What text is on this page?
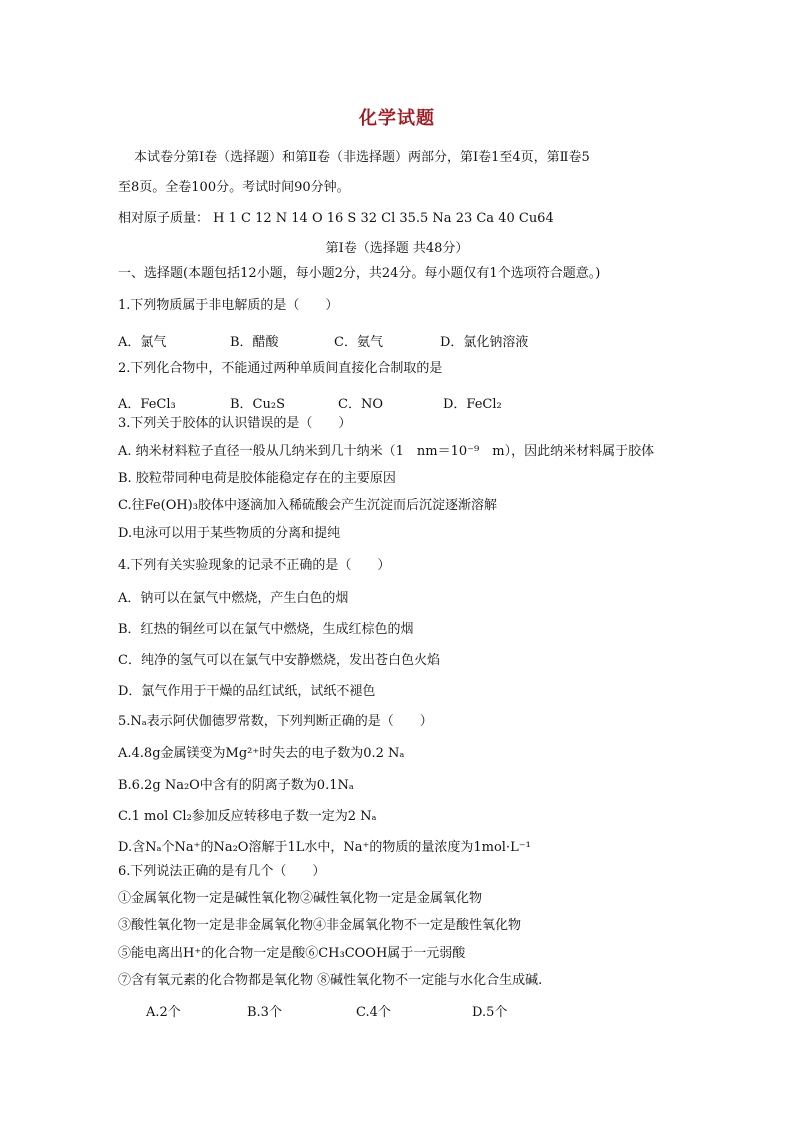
化学试题
本试卷分第Ⅰ卷（选择题）和第Ⅱ卷（非选择题）两部分，第Ⅰ卷1至4页，第Ⅱ卷5
至8页。全卷100分。考试时间90分钟。
相对原子质量： H 1 C 12 N 14 O 16 S 32 Cl 35.5 Na 23 Ca 40 Cu64
第Ⅰ卷（选择题 共48分）
一、选择题(本题包括12小题，每小题2分，共24分。每小题仅有1个选项符合题意。)
1.下列物质属于非电解质的是（　　）
A．氯气	B．醋酸	C．氨气	D．氯化钠溶液
2.下列化合物中，不能通过两种单质间直接化合制取的是
A．FeCl₃	B．Cu₂S	C．NO	D．FeCl₂
3.下列关于胶体的认识错误的是（　　）
A. 纳米材料粒子直径一般从几纳米到几十纳米（1　nm＝10⁻⁹　m），因此纳米材料属于胶体
B. 胶粒带同种电荷是胶体能稳定存在的主要原因
C.往Fe(OH)₃胶体中逐滴加入稀硫酸会产生沉淀而后沉淀逐渐溶解
D.电泳可以用于某些物质的分离和提纯
4.下列有关实验现象的记录不正确的是（　　）
A．钠可以在氯气中燃烧，产生白色的烟
B．红热的铜丝可以在氯气中燃烧，生成红棕色的烟
C．纯净的氢气可以在氯气中安静燃烧，发出苍白色火焰
D．氯气作用于干燥的品红试纸，试纸不褪色
5.Nₐ表示阿伏伽德罗常数，下列判断正确的是（　　）
A.4.8g金属镁变为Mg²⁺时失去的电子数为0.2 Nₐ
B.6.2g Na₂O中含有的阴离子数为0.1Nₐ
C.1 mol Cl₂参加反应转移电子数一定为2 Nₐ
D.含Nₐ个Na⁺的Na₂O溶解于1L水中，Na⁺的物质的量浓度为1mol·L⁻¹
6.下列说法正确的是有几个（　　）
①金属氧化物一定是碱性氧化物②碱性氧化物一定是金属氧化物
③酸性氧化物一定是非金属氧化物④非金属氧化物不一定是酸性氧化物
⑤能电离出H⁺的化合物一定是酸⑥CH₃COOH属于一元弱酸
⑦含有氧元素的化合物都是氧化物 ⑧碱性氧化物不一定能与水化合生成碱.
A.2个	B.3个	C.4个	D.5个
